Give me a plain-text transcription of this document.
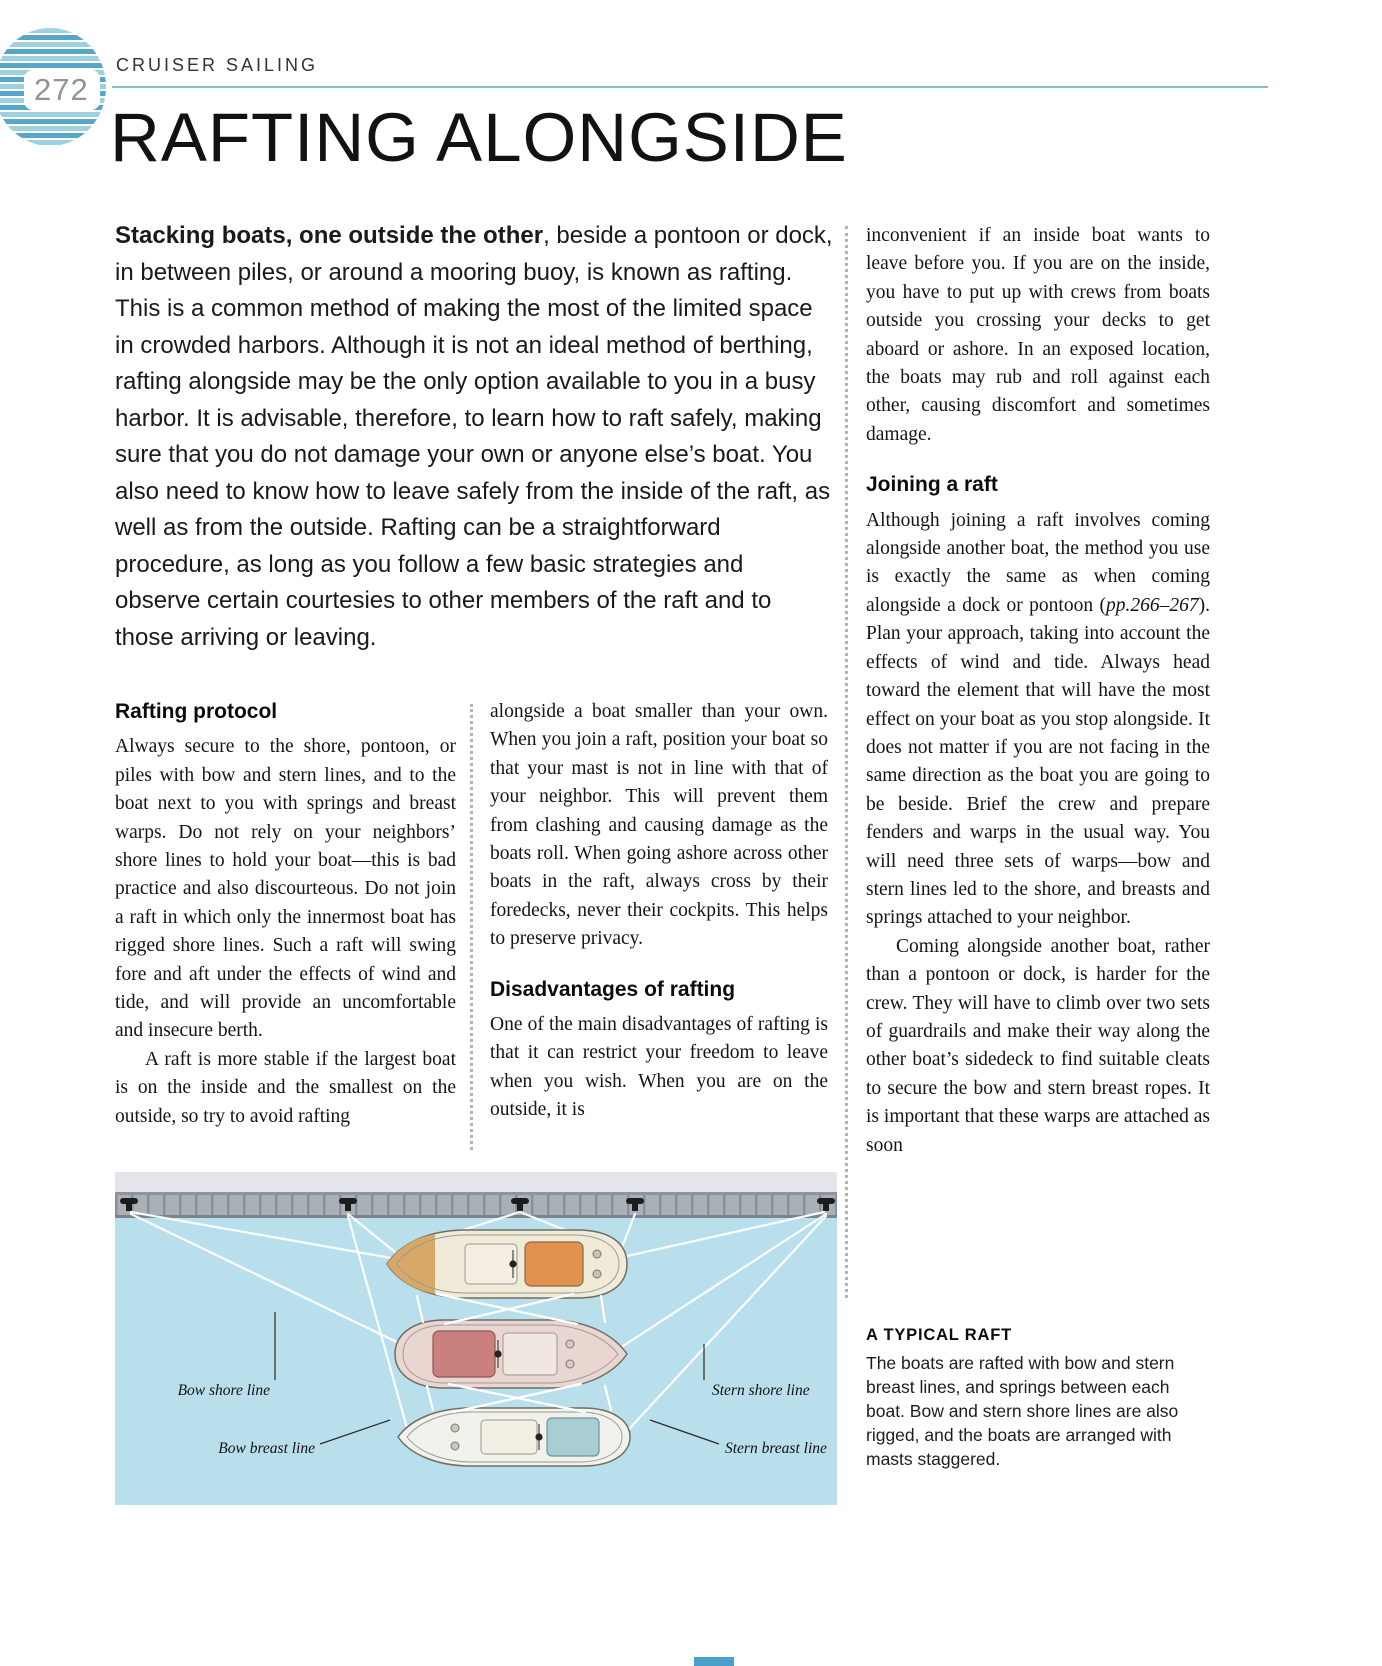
272
CRUISER SAILING
RAFTING ALONGSIDE

Stacking boats, one outside the other, beside a pontoon or dock, in between piles, or around a mooring buoy, is known as rafting. This is a common method of making the most of the limited space in crowded harbors. Although it is not an ideal method of berthing, rafting alongside may be the only option available to you in a busy harbor. It is advisable, therefore, to learn how to raft safely, making sure that you do not damage your own or anyone else’s boat. You also need to know how to leave safely from the inside of the raft, as well as from the outside. Rafting can be a straightforward procedure, as long as you follow a few basic strategies and observe certain courtesies to other members of the raft and to those arriving or leaving.

Rafting protocol

Always secure to the shore, pontoon, or piles with bow and stern lines, and to the boat next to you with springs and breast warps. Do not rely on your neighbors’ shore lines to hold your boat—this is bad practice and also discourteous. Do not join a raft in which only the innermost boat has rigged shore lines. Such a raft will swing fore and aft under the effects of wind and tide, and will provide an uncomfortable and insecure berth.

A raft is more stable if the largest boat is on the inside and the smallest on the outside, so try to avoid rafting

alongside a boat smaller than your own. When you join a raft, position your boat so that your mast is not in line with that of your neighbor. This will prevent them from clashing and causing damage as the boats roll. When going ashore across other boats in the raft, always cross by their foredecks, never their cockpits. This helps to preserve privacy.

Disadvantages of rafting

One of the main disadvantages of rafting is that it can restrict your freedom to leave when you wish. When you are on the outside, it is

inconvenient if an inside boat wants to leave before you. If you are on the inside, you have to put up with crews from boats outside you crossing your decks to get aboard or ashore. In an exposed location, the boats may rub and roll against each other, causing discomfort and sometimes damage.

Joining a raft

Although joining a raft involves coming alongside another boat, the method you use is exactly the same as when coming alongside a dock or pontoon (pp.266–267). Plan your approach, taking into account the effects of wind and tide. Always head toward the element that will have the most effect on your boat as you stop alongside. It does not matter if you are not facing in the same direction as the boat you are going to be beside. Brief the crew and prepare fenders and warps in the usual way. You will need three sets of warps—bow and stern lines led to the shore, and breasts and springs attached to your neighbor.

Coming alongside another boat, rather than a pontoon or dock, is harder for the crew. They will have to climb over two sets of guardrails and make their way along the other boat’s sidedeck to find suitable cleats to secure the bow and stern breast ropes. It is important that these warps are attached as soon

Bow shore line	Stern shore line
Bow breast line	Stern breast line
A TYPICAL RAFT
The boats are rafted with bow and stern breast lines, and springs between each boat. Bow and stern shore lines are also rigged, and the boats are arranged with masts staggered.
